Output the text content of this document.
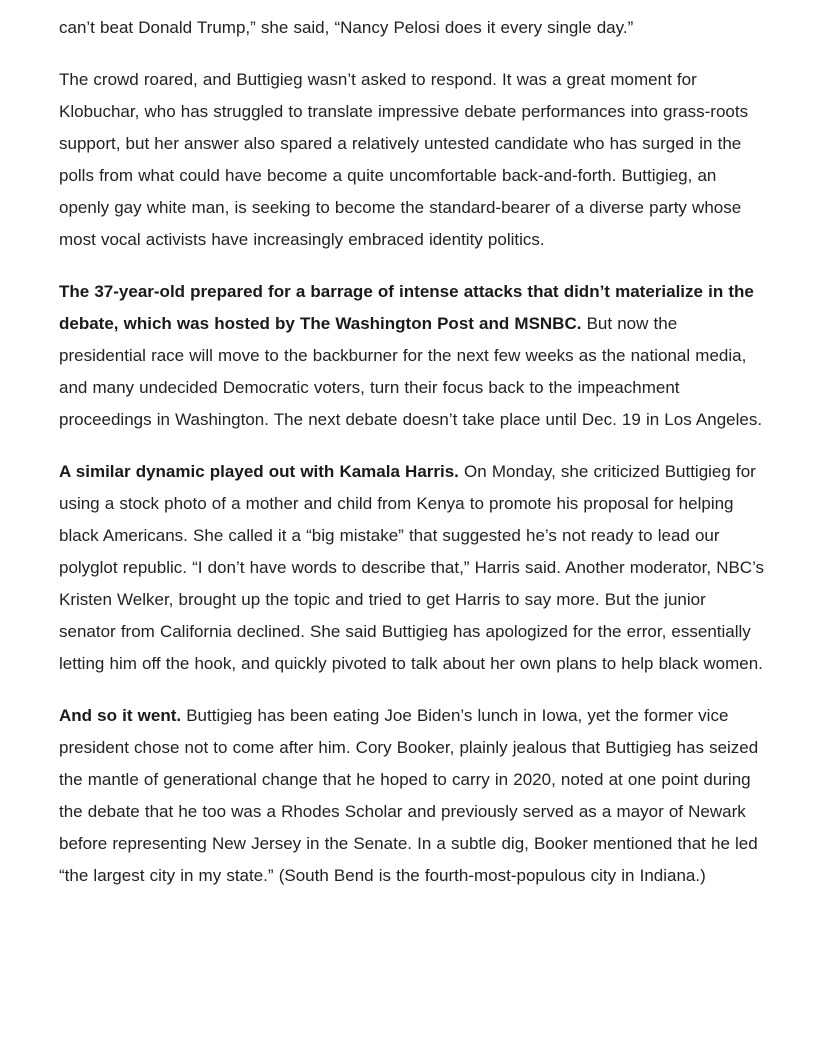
can’t beat Donald Trump,” she said, “Nancy Pelosi does it every single day.”

The crowd roared, and Buttigieg wasn’t asked to respond. It was a great moment for Klobuchar, who has struggled to translate impressive debate performances into grass-roots support, but her answer also spared a relatively untested candidate who has surged in the polls from what could have become a quite uncomfortable back-and-forth. Buttigieg, an openly gay white man, is seeking to become the standard-bearer of a diverse party whose most vocal activists have increasingly embraced identity politics.

The 37-year-old prepared for a barrage of intense attacks that didn’t materialize in the debate, which was hosted by The Washington Post and MSNBC. But now the presidential race will move to the backburner for the next few weeks as the national media, and many undecided Democratic voters, turn their focus back to the impeachment proceedings in Washington. The next debate doesn’t take place until Dec. 19 in Los Angeles.

A similar dynamic played out with Kamala Harris. On Monday, she criticized Buttigieg for using a stock photo of a mother and child from Kenya to promote his proposal for helping black Americans. She called it a “big mistake” that suggested he’s not ready to lead our polyglot republic. “I don’t have words to describe that,” Harris said. Another moderator, NBC’s Kristen Welker, brought up the topic and tried to get Harris to say more. But the junior senator from California declined. She said Buttigieg has apologized for the error, essentially letting him off the hook, and quickly pivoted to talk about her own plans to help black women.

And so it went. Buttigieg has been eating Joe Biden’s lunch in Iowa, yet the former vice president chose not to come after him. Cory Booker, plainly jealous that Buttigieg has seized the mantle of generational change that he hoped to carry in 2020, noted at one point during the debate that he too was a Rhodes Scholar and previously served as a mayor of Newark before representing New Jersey in the Senate. In a subtle dig, Booker mentioned that he led “the largest city in my state.” (South Bend is the fourth-most-populous city in Indiana.)
